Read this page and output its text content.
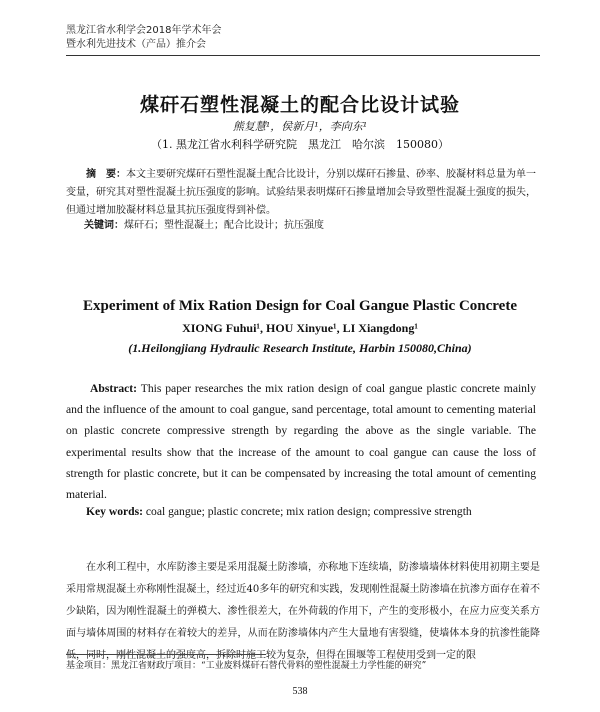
黑龙江省水利学会2018年学术年会
暨水利先进技术（产品）推介会
煤矸石塑性混凝土的配合比设计试验
熊复慧¹，侯新月¹，李向东¹
（1. 黑龙江省水利科学研究院　黑龙江　哈尔滨　150080）
摘　要：本文主要研究煤矸石塑性混凝土配合比设计，分别以煤矸石掺量、砂率、胶凝材料总量为单一变量，研究其对塑性混凝土抗压强度的影响。试验结果表明煤矸石掺量增加会导致塑性混凝土强度的损失，但通过增加胶凝材料总量其抗压强度得到补偿。
关键词：煤矸石；塑性混凝土；配合比设计；抗压强度
Experiment of Mix Ration Design for Coal Gangue Plastic Concrete
XIONG Fuhui¹, HOU Xinyue¹, LI Xiangdong¹
(1.Heilongjiang Hydraulic Research Institute, Harbin 150080,China)
Abstract: This paper researches the mix ration design of coal gangue plastic concrete mainly and the influence of the amount to coal gangue, sand percentage, total amount to cementing material on plastic concrete compressive strength by regarding the above as the single variable. The experimental results show that the increase of the amount to coal gangue can cause the loss of strength for plastic concrete, but it can be compensated by increasing the total amount of cementing material.
Key words: coal gangue; plastic concrete; mix ration design; compressive strength
在水利工程中，水库防渗主要是采用混凝土防渗墙，亦称地下连续墙，防渗墙墙体材料使用初期主要是采用常规混凝土亦称刚性混凝土，经过近40多年的研究和实践，发现刚性混凝土防渗墙在抗渗方面存在着不少缺陷，因为刚性混凝土的弹模大、渗性很差大，在外荷载的作用下，产生的变形极小，在应力应变关系方面与墙体周围的材料存在着较大的差异，从而在防渗墙体内产生大量地有害裂缝，使墙体本身的抗渗性能降低，同时，刚性混凝土的强度高，拆除时施工较为复杂，但得在围堰等工程使用受到一定的限
基金项目：黑龙江省财政厅项目：“工业废料煤矸石替代骨料的塑性混凝土力学性能的研究”
538
